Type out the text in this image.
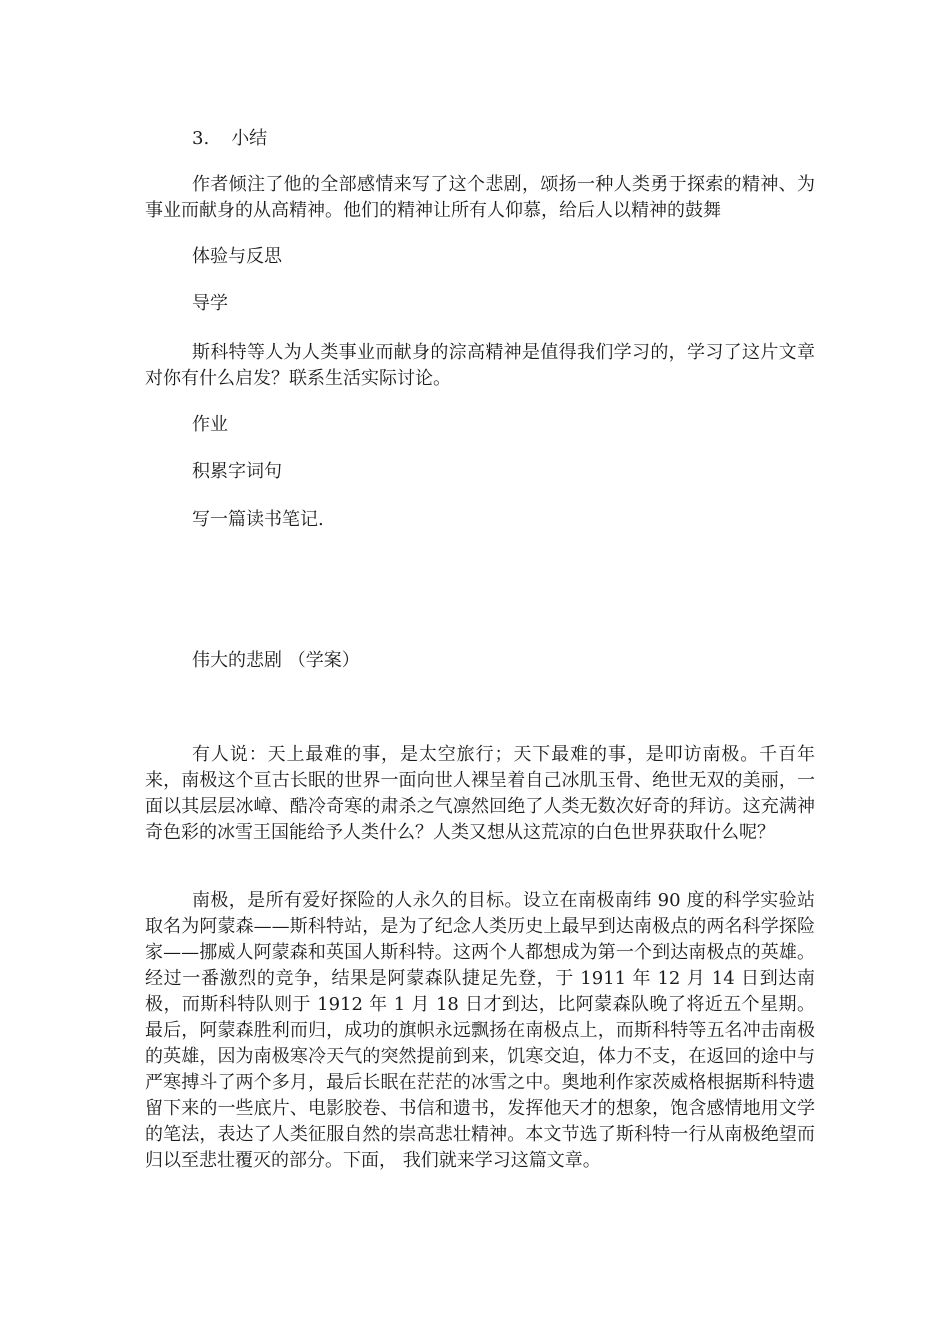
3. 小结
作者倾注了他的全部感情来写了这个悲剧，颂扬一种人类勇于探索的精神、为事业而献身的从高精神。他们的精神让所有人仰慕，给后人以精神的鼓舞
体验与反思
导学
斯科特等人为人类事业而献身的淙高精神是值得我们学习的，学习了这片文章对你有什么启发？联系生活实际讨论。
作业
积累字词句
写一篇读书笔记.
伟大的悲剧 （学案）
有人说：天上最难的事，是太空旅行；天下最难的事，是叩访南极。千百年来，南极这个亘古长眠的世界一面向世人裸呈着自己冰肌玉骨、绝世无双的美丽，一面以其层层冰嶂、酷冷奇寒的肃杀之气凛然回绝了人类无数次好奇的拜访。这充满神奇色彩的冰雪王国能给予人类什么？人类又想从这荒凉的白色世界获取什么呢？
南极，是所有爱好探险的人永久的目标。设立在南极南纬 90 度的科学实验站取名为阿蒙森——斯科特站，是为了纪念人类历史上最早到达南极点的两名科学探险家——挪威人阿蒙森和英国人斯科特。这两个人都想成为第一个到达南极点的英雄。经过一番激烈的竞争，结果是阿蒙森队捷足先登，于 1911 年 12 月 14 日到达南极，而斯科特队则于 1912 年 1 月 18 日才到达，比阿蒙森队晚了将近五个星期。最后，阿蒙森胜利而归，成功的旗帜永远飘扬在南极点上，而斯科特等五名冲击南极的英雄，因为南极寒冷天气的突然提前到来，饥寒交迫，体力不支，在返回的途中与严寒搏斗了两个多月，最后长眠在茫茫的冰雪之中。奥地利作家茨威格根据斯科特遗留下来的一些底片、电影胶卷、书信和遗书，发挥他天才的想象，饱含感情地用文学的笔法，表达了人类征服自然的崇高悲壮精神。本文节选了斯科特一行从南极绝望而归以至悲壮覆灭的部分。下面， 我们就来学习这篇文章。
